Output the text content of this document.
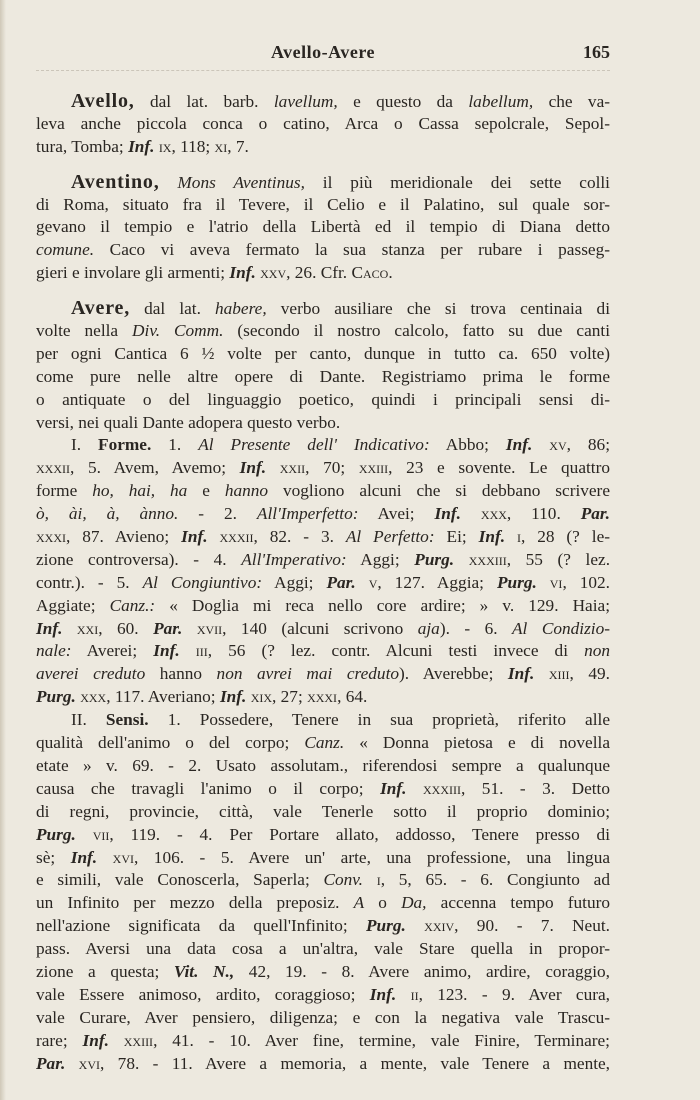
Avello-Avere	165
Avello, dal lat. barb. lavellum, e questo da labellum, che va-
leva anche piccola conca o catino, Arca o Cassa sepolcrale, Sepol-
tura, Tomba; Inf. ix, 118; xi, 7.
Aventino, Mons Aventinus, il più meridionale dei sette colli
di Roma, situato fra il Tevere, il Celio e il Palatino, sul quale sor-
gevano il tempio e l'atrio della Libertà ed il tempio di Diana detto
comune. Caco vi aveva fermato la sua stanza per rubare i passeg-
gieri e involare gli armenti; Inf. xxv, 26. Cfr. Caco.
Avere, dal lat. habere, verbo ausiliare che si trova centinaia di
volte nella Div. Comm. (secondo il nostro calcolo, fatto su due canti
per ogni Cantica 6 ½ volte per canto, dunque in tutto ca. 650 volte)
come pure nelle altre opere di Dante. Registriamo prima le forme
o antiquate o del linguaggio poetico, quindi i principali sensi di-
versi, nei quali Dante adopera questo verbo.
I. Forme. 1. Al Presente dell' Indicativo: Abbo; Inf. xv, 86;
xxxii, 5. Avem, Avemo; Inf. xxii, 70; xxiii, 23 e sovente. Le quattro
forme ho, hai, ha e hanno vogliono alcuni che si debbano scrivere
ò, ài, à, ànno. - 2. All'Imperfetto: Avei; Inf. xxx, 110. Par.
xxxi, 87. Avieno; Inf. xxxii, 82. - 3. Al Perfetto: Ei; Inf. i, 28 (? le-
zione controversa). - 4. All'Imperativo: Aggi; Purg. xxxiii, 55 (? lez.
contr.). - 5. Al Congiuntivo: Aggi; Par. v, 127. Aggia; Purg. vi, 102.
Aggiate; Canz.: « Doglia mi reca nello core ardire; » v. 129. Haia;
Inf. xxi, 60. Par. xvii, 140 (alcuni scrivono aja). - 6. Al Condizio-
nale: Averei; Inf. iii, 56 (? lez. contr. Alcuni testi invece di non
averei creduto hanno non avrei mai creduto). Averebbe; Inf. xiii, 49.
Purg. xxx, 117. Averiano; Inf. xix, 27; xxxi, 64.
II. Sensi. 1. Possedere, Tenere in sua proprietà, riferito alle
qualità dell'animo o del corpo; Canz. « Donna pietosa e di novella
etate » v. 69. - 2. Usato assolutam., riferendosi sempre a qualunque
causa che travagli l'animo o il corpo; Inf. xxxiii, 51. - 3. Detto
di regni, provincie, città, vale Tenerle sotto il proprio dominio;
Purg. vii, 119. - 4. Per Portare allato, addosso, Tenere presso di
sè; Inf. xvi, 106. - 5. Avere un' arte, una professione, una lingua
e simili, vale Conoscerla, Saperla; Conv. i, 5, 65. - 6. Congiunto ad
un Infinito per mezzo della preposiz. A o Da, accenna tempo futuro
nell'azione significata da quell'Infinito; Purg. xxiv, 90. - 7. Neut.
pass. Aversi una data cosa a un'altra, vale Stare quella in propor-
zione a questa; Vit. N., 42, 19. - 8. Avere animo, ardire, coraggio,
vale Essere animoso, ardito, coraggioso; Inf. ii, 123. - 9. Aver cura,
vale Curare, Aver pensiero, diligenza; e con la negativa vale Trascu-
rare; Inf. xxiii, 41. - 10. Aver fine, termine, vale Finire, Terminare;
Par. xvi, 78. - 11. Avere a memoria, a mente, vale Tenere a mente,
